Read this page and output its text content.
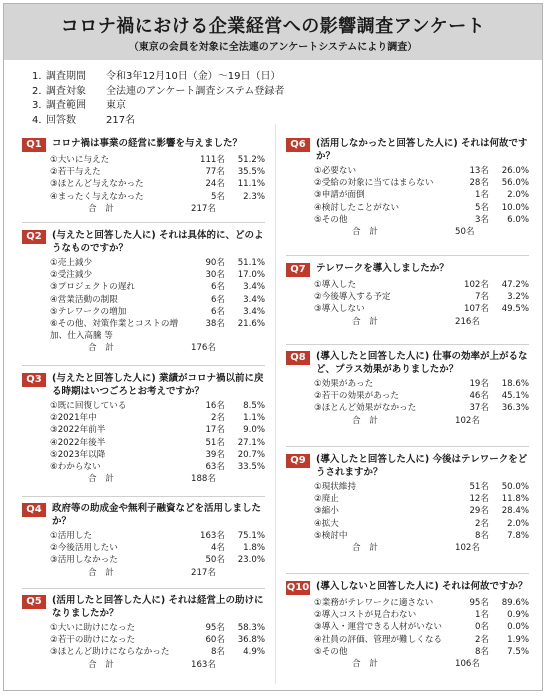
コロナ禍における企業経営への影響調査アンケート
（東京の会員を対象に全法連のアンケートシステムにより調査）
1．
調査期間	令和3年12月10日（金）～19日（日）
2．
調査対象	全法連のアンケート調査システム登録者
3．
調査範囲	東京
4．
回答数	217名
Q1	コロナ禍は事業の経営に影響を与えました？
①大いに与えた	111名	51.2%
②若干与えた	77名	35.5%
③ほとんど与えなかった	24名	11.1%
④まったく与えなかった	5名	2.3%
合　計	217名
Q2	(与えたと回答した人に) それは具体的に、どのようなものですか？
①売上減少	90名	51.1%
②受注減少	30名	17.0%
③プロジェクトの遅れ	6名	3.4%
④営業活動の制限	6名	3.4%
⑤テレワークの増加	6名	3.4%
⑥その他、対策作業とコストの増加、仕入高騰 等
38名	21.6%
合　計	176名
Q3	(与えたと回答した人に) 業績がコロナ禍以前に戻る時期はいつごろとお考えですか？
①既に回復している	16名	8.5%
②2021年中	2名	1.1%
③2022年前半	17名	9.0%
④2022年後半	51名	27.1%
⑤2023年以降	39名	20.7%
⑥わからない	63名	33.5%
合　計	188名
Q4	政府等の助成金や無利子融資などを活用しましたか？
①活用した	163名	75.1%
②今後活用したい	4名	1.8%
③活用しなかった	50名	23.0%
合　計	217名
Q5	(活用したと回答した人に) それは経営上の助けになりましたか？
①大いに助けになった	95名	58.3%
②若干の助けになった	60名	36.8%
③ほとんど助けにならなかった	8名	4.9%
合　計	163名
Q6	(活用しなかったと回答した人に) それは何故ですか？
①必要ない	13名	26.0%
②受給の対象に当てはまらない	28名	56.0%
③申請が面倒	1名	2.0%
④検討したことがない	5名	10.0%
⑤その他	3名	6.0%
合　計	50名
Q7	テレワークを導入しましたか？
①導入した	102名	47.2%
②今後導入する予定	7名	3.2%
③導入しない	107名	49.5%
合　計	216名
Q8	(導入したと回答した人に) 仕事の効率が上がるなど、プラス効果がありましたか？
①効果があった	19名	18.6%
②若干の効果があった	46名	45.1%
③ほとんど効果がなかった	37名	36.3%
合　計	102名
Q9	(導入したと回答した人に) 今後はテレワークをどうされますか？
①現状維持	51名	50.0%
②廃止	12名	11.8%
③縮小	29名	28.4%
④拡大	2名	2.0%
⑤検討中	8名	7.8%
合　計	102名
Q10 (導入しないと回答した人に) それは何故ですか？
①業務がテレワークに適さない	95名	89.6%
②導入コストが見合わない	1名	0.9%
③導入・運営できる人材がいない	0名	0.0%
④社員の評価、管理が難しくなる	2名	1.9%
⑤その他	8名	7.5%
合　計	106名
